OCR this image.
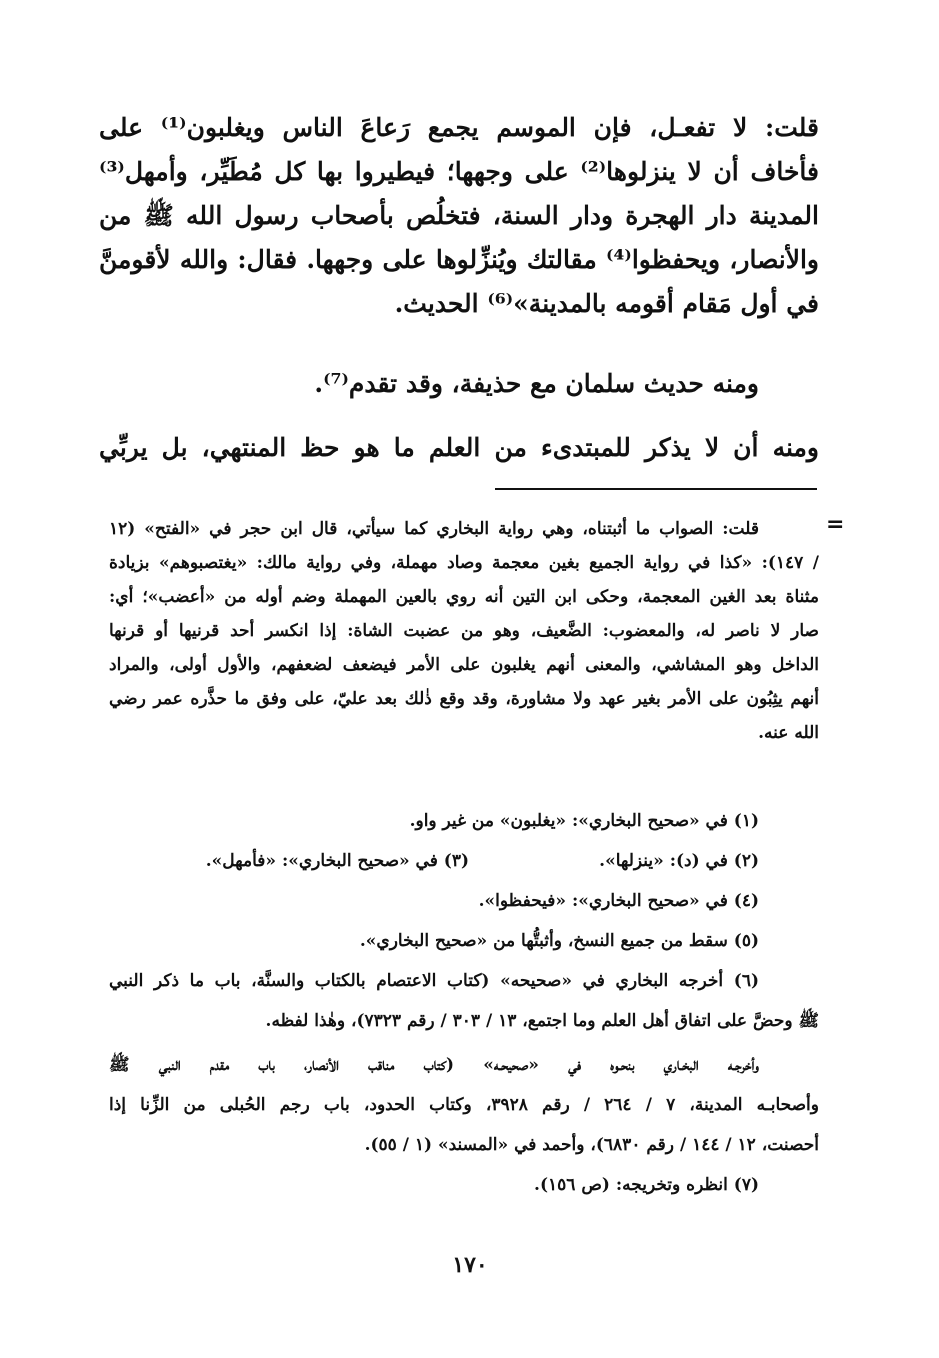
قلت: لا تفعـل، فإن الموسم يجمع رَعاعَ الناس ويغلبون⁽¹⁾ على
فأخاف أن لا ينزلوها⁽²⁾ على وجهها؛ فيطيروا بها كل مُطَيِّر، وأمهل⁽³⁾
المدينة دار الهجرة ودار السنة، فتخلُص بأصحاب رسول الله ﷺ من
والأنصار، ويحفظوا⁽⁴⁾ مقالتك ويُنزِّلوها على وجهها. فقال: والله لأقومنَّ
في أول مَقام أقومه بالمدينة»⁽⁶⁾ الحديث.
ومنه حديث سلمان مع حذيفة، وقد تقدم⁽⁷⁾.
ومنه أن لا يذكر للمبتدىء من العلم ما هو حظ المنتهي، بل يربِّي
=
قلت: الصواب ما أثبتناه، وهي رواية البخاري كما سيأتي، قال ابن حجر في «الفتح» (١٢
/ ١٤٧): «كذا في رواية الجميع بغين معجمة وصاد مهملة، وفي رواية مالك: «يغتصبوهم» بزيادة
مثناة بعد الغين المعجمة، وحكى ابن التين أنه روي بالعين المهملة وضم أوله من «أعضب»؛ أي:
صار لا ناصر له، والمعضوب: الضَّعيف، وهو من عضبت الشاة: إذا انكسر أحد قرنيها أو قرنها
الداخل وهو المشاشي، والمعنى أنهم يغلبون على الأمر فيضعف لضعفهم، والأول أولى، والمراد
أنهم يثِبُون على الأمر بغير عهد ولا مشاورة، وقد وقع ذٰلك بعد عليّ، على وفق ما حذَّره عمر رضي
الله عنه.
(١) في «صحيح البخاري»: «يغلبون» من غير واو.
(٢) في (د): «ينزلها».
(٣) في «صحيح البخاري»: «فأمهل».
(٤) في «صحيح البخاري»: «فيحفظوا».
(٥) سقط من جميع النسخ، وأثبتُّها من «صحيح البخاري».
(٦) أخرجه البخاري في «صحيحه» (كتاب الاعتصام بالكتاب والسنَّة، باب ما ذكر النبي
ﷺ وحضَّ على اتفاق أهل العلم وما اجتمع، ١٣ / ٣٠٣ / رقم ٧٣٢٣)، وهٰذا لفظه.
وأخرجـه البخـاري بنحـوه في «صحيحـه» (كتاب مناقب الأنصار، باب مقدم النبي ﷺ
وأصحابـه المدينة، ٧ / ٢٦٤ / رقم ٣٩٢٨، وكتاب الحدود، باب رجم الحُبلى من الزِّنا إذا
أحصنت، ١٢ / ١٤٤ / رقم ٦٨٣٠)، وأحمد في «المسند» (١ / ٥٥).
(٧) انظره وتخريجه: (ص ١٥٦).
١٧٠
